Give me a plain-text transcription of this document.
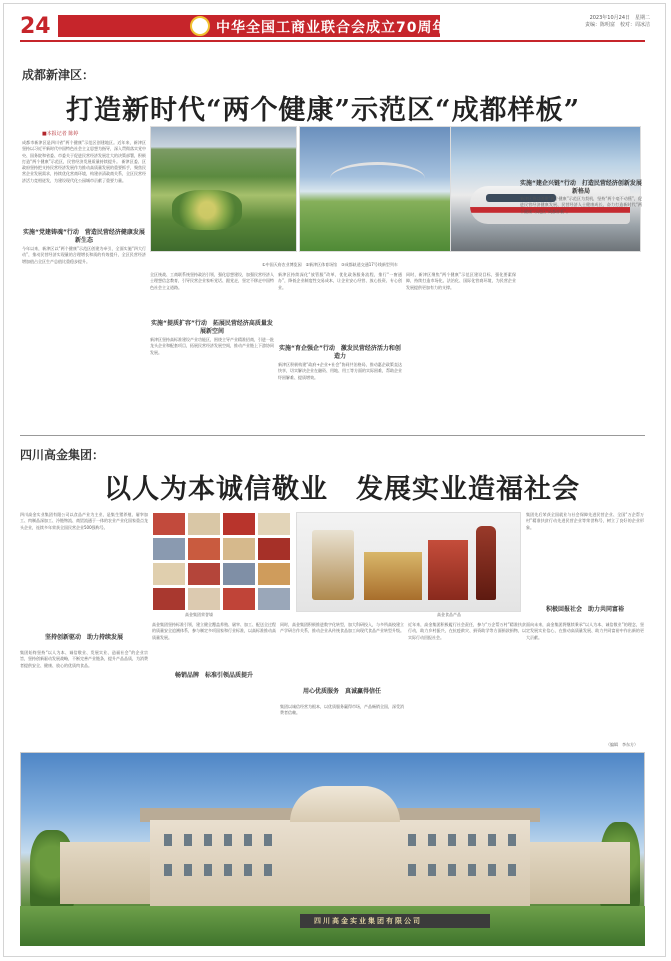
24	中华全国工商业联合会成立70周年纪念特刊
2023年10月24日　星期二
责编：陈明富　校对：周冰洁
成都新津区：
打造新时代“两个健康”示范区“成都样板”
■本报记者 陈婷
成都市新津区是四川省“两个健康”示范区创建地区。近年来，新津区坚持以习近平新时代中国特色社会主义思想为指导，深入贯彻落实党中央、国务院和省委、市委关于促进民营经济发展壮大的决策部署，积极打造“两个健康”示范区，民营经济发展质量持续提升。 新津区委、区政府坚持把支持民营经济发展作为推动高质量发展的重要抓手，聚焦民营企业发展需求，持续优化营商环境，构建亲清政商关系，全区民营经济活力竞相迸发，为建设现代化公园城市贡献了重要力量。
实施“党建铸魂”行动　营造民营经济健康发展新生态
今年以来，新津区以“两个健康”示范区创建为牵引，全面实施“四大行动”，推动民营经济实现量的合理增长和质的有效提升，全区民营经济增加值占全区生产总值比重稳步提升。
①中国天府农业博览园　②新津区体育场馆　③成都轨道交通17号线新型列车
全区统战、工商联系统坚持政治引领，强化思想建设，加强民营经济人士理想信念教育，引导民营企业家听党话、跟党走，坚定不移走中国特色社会主义道路。
实施“提质扩容”行动　拓展民营经济高质量发展新空间
新津区坚持高标准建设产业功能区，围绕主导产业精准招商，引进一批龙头企业和配套项目，拓展民营经济发展空间，推动产业链上下游协同发展。
新津区持续深化“放管服”改革，优化政务服务流程，推行“一窗通办”，降低企业制度性交易成本，让企业安心经营、放心投资、专心创业。
实施“育企强企”行动　激发民营经济活力和创造力
新津区积极构建“政府+企业+社会”协同共治格局，推动惠企政策直达快享，切实解决企业在融资、用地、用工等方面的实际困难，帮助企业纾困解难、提质增效。
同时，新津区聚焦“两个健康”示范区建设目标，强化要素保障，持续打造市场化、法治化、国际化营商环境，为民营企业发展提供更加有力的支撑。
实施“建企兴链”行动　打造民营经济创新发展新格局
新津区将以创建“两个健康”示范区为契机，坚持“两个毫不动摇”，促进民营经济健康发展、民营经济人士健康成长，奋力打造新时代“两个健康”示范区“成都样板”。
四川高金集团：
以人为本诚信敬业　发展实业造福社会
四川高金实业集团有限公司以食品产业为主业，是集生猪养殖、屠宰加工、肉制品深加工、冷链物流、商贸流通于一体的农业产业化国家重点龙头企业，连续多年荣获全国民营企业500强称号。
坚持创新驱动　助力持续发展
集团始终坚持“以人为本、诚信敬业、发展实业、造福社会”的企业宗旨，坚持创新驱动发展战略，不断完善产业链条，提升产品品质，为消费者提供安全、健康、放心的优质肉食品。
高金集团荣誉墙	高金食品产品
高金集团坚持标准引领，建立健全覆盖养殖、屠宰、加工、配送全过程的质量安全追溯体系，参与制定多项国家和行业标准，以高标准推动高质量发展。
畅销品牌　标准引领品质提升
同时，高金集团积极推进数字化转型，加大科研投入，与多所高校建立产学研合作关系，推动企业从传统食品加工向现代食品产业转型升级。
用心优质服务　真诚赢得信任
集团以诚信经营为根本，以优质服务赢得市场，产品畅销全国，深受消费者信赖。
近年来，高金集团积极履行社会责任，参与“万企帮万村”精准扶贫行动，助力乡村振兴，在抗疫救灾、捐资助学等方面捐款捐物，以实际行动回报社会。
集团先后荣获全国就业与社会保障先进民营企业、全国“万企帮万村”精准扶贫行动先进民营企业等荣誉称号，树立了良好的企业形象。
积极回报社会　助力共同富裕
面向未来，高金集团将继续秉承“以人为本、诚信敬业”的理念，坚定发展实业信心，在推动高质量发展、助力共同富裕中作出新的更大贡献。
（编辑　李东方）
四川高金实业集团有限公司
